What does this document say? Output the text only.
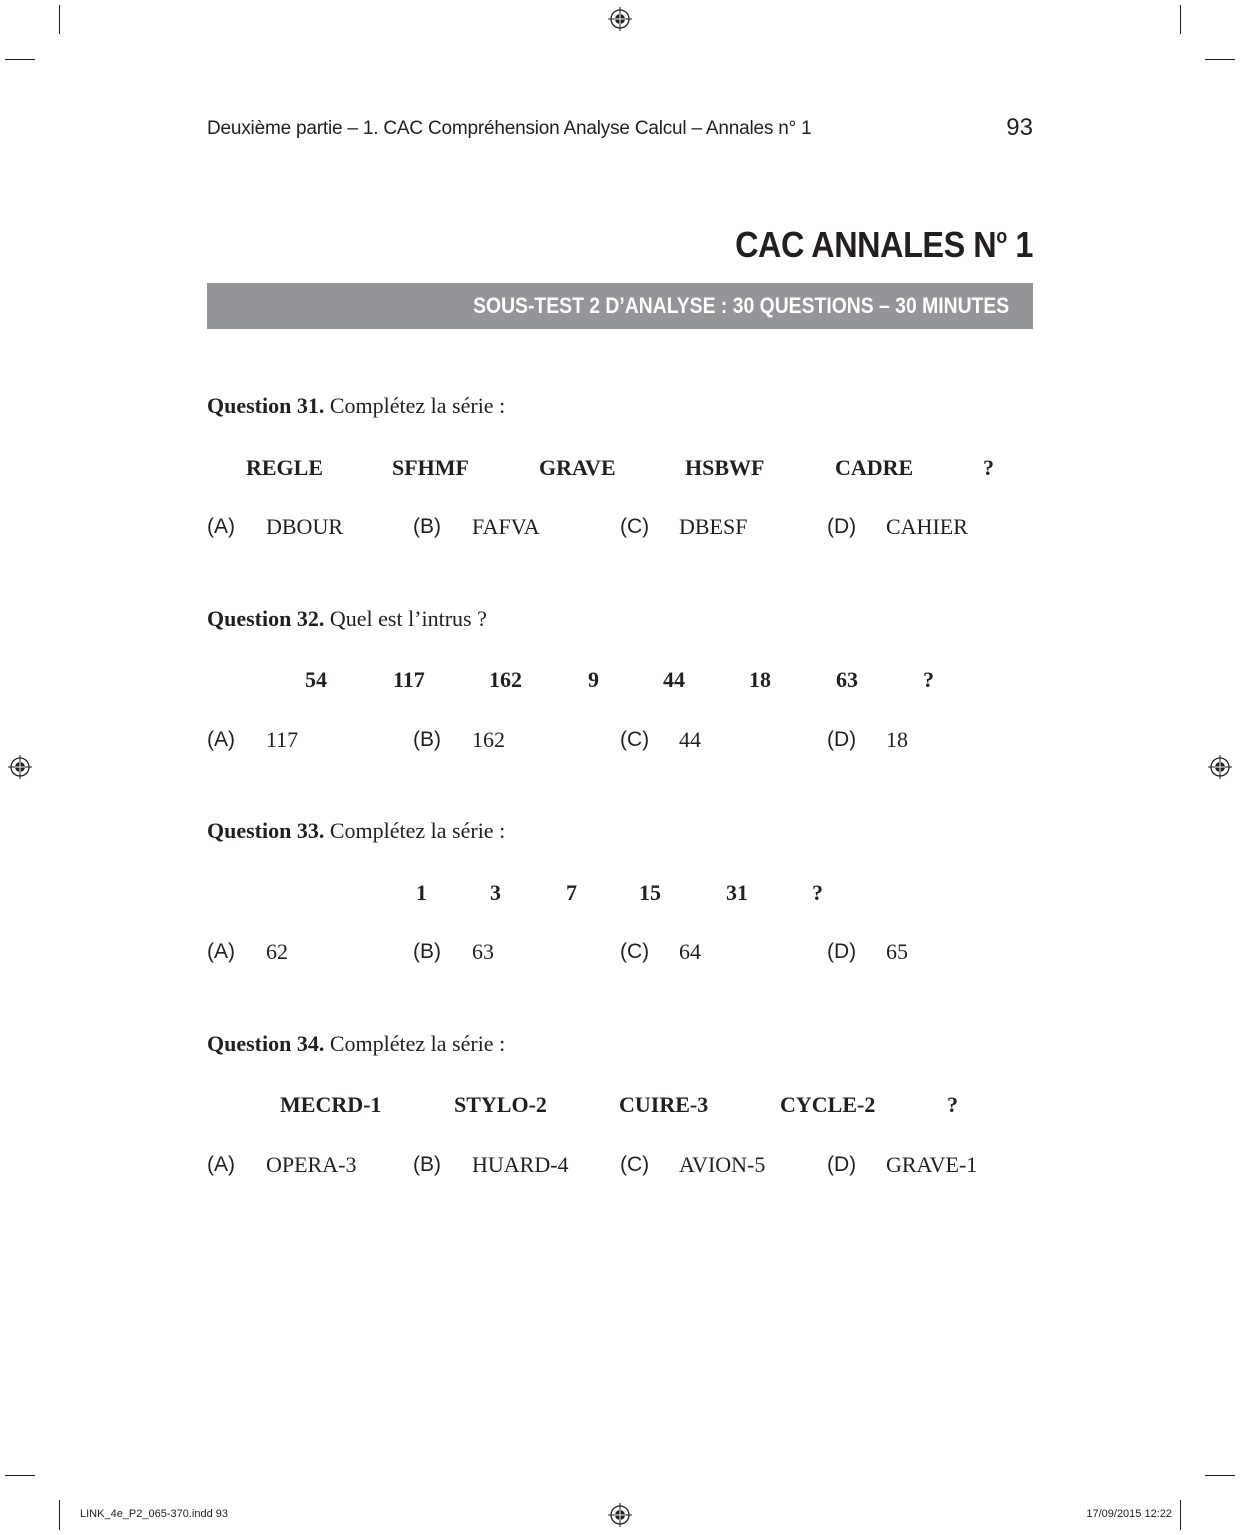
Deuxième partie – 1. CAC Compréhension Analyse Calcul – Annales n° 1	93
CAC ANNALES $N^o$ 1
SOUS-TEST 2 D’ANALYSE : 30 QUESTIONS – 30 MINUTES
Question 31. Complétez la série :
REGLE	SFHMF	GRAVE	HSBWF	CADRE	?
(A) DBOUR	(B) FAFVA	(C) DBESF	(D) CAHIER
Question 32. Quel est l’intrus ?
54	117	162	9	44	18	63	?
(A) 117	(B) 162	(C) 44	(D) 18
Question 33. Complétez la série :
1	3	7	15	31	?
(A) 62	(B) 63	(C) 64	(D) 65
Question 34. Complétez la série :
MECRD-1	STYLO-2	CUIRE-3	CYCLE-2	?
(A) OPERA-3	(B) HUARD-4 (C) AVION-5	(D) GRAVE-1
LINK_4e_P2_065-370.indd 93	17/09/2015 12:22
